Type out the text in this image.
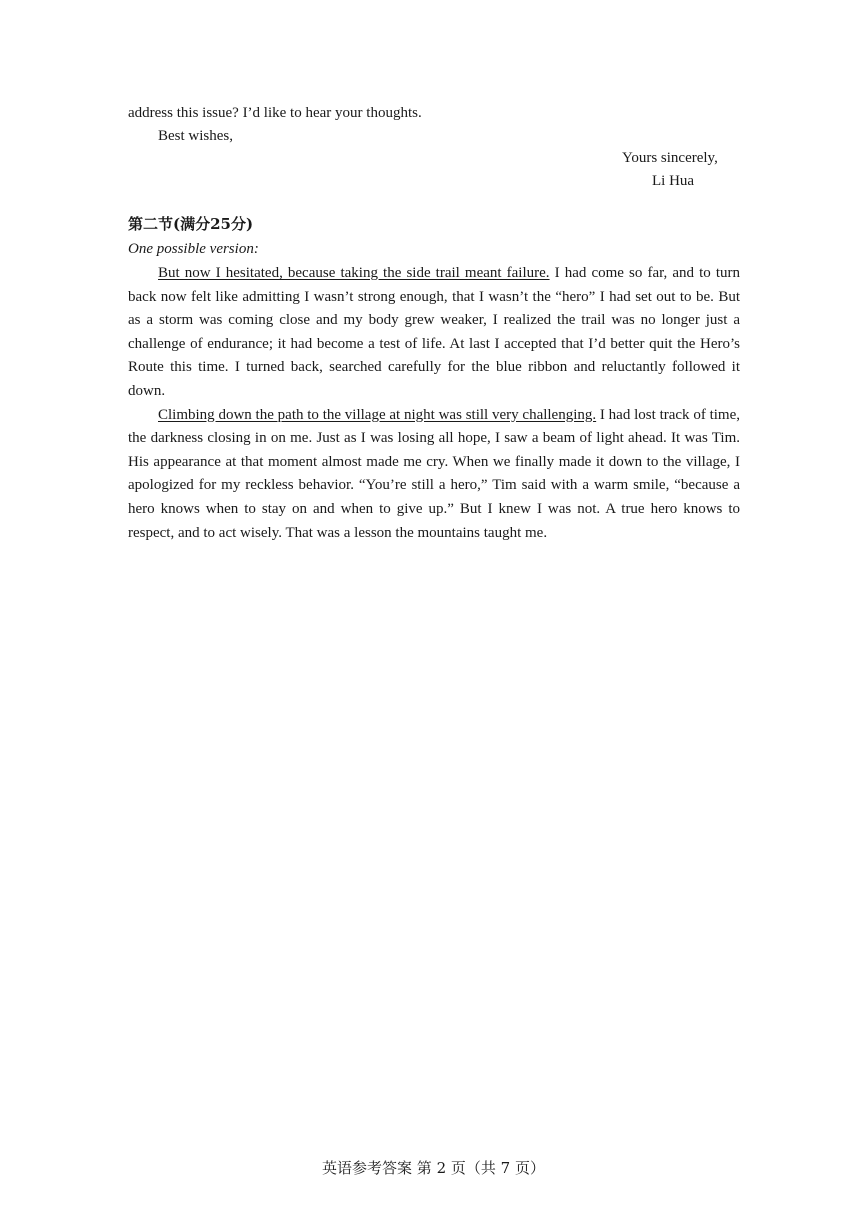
address this issue? I’d like to hear your thoughts.
Best wishes,
Yours sincerely,
Li Hua
第二节(满分25分)
One possible version:

But now I hesitated, because taking the side trail meant failure. I had come so far, and to turn back now felt like admitting I wasn’t strong enough, that I wasn’t the “hero” I had set out to be. But as a storm was coming close and my body grew weaker, I realized the trail was no longer just a challenge of endurance; it had become a test of life. At last I accepted that I’d better quit the Hero’s Route this time. I turned back, searched carefully for the blue ribbon and reluctantly followed it down.

Climbing down the path to the village at night was still very challenging. I had lost track of time, the darkness closing in on me. Just as I was losing all hope, I saw a beam of light ahead. It was Tim. His appearance at that moment almost made me cry. When we finally made it down to the village, I apologized for my reckless behavior. “You’re still a hero,” Tim said with a warm smile, “because a hero knows when to stay on and when to give up.” But I knew I was not. A true hero knows to respect, and to act wisely. That was a lesson the mountains taught me.

英语参考答案 第 2 页（共 7 页）
